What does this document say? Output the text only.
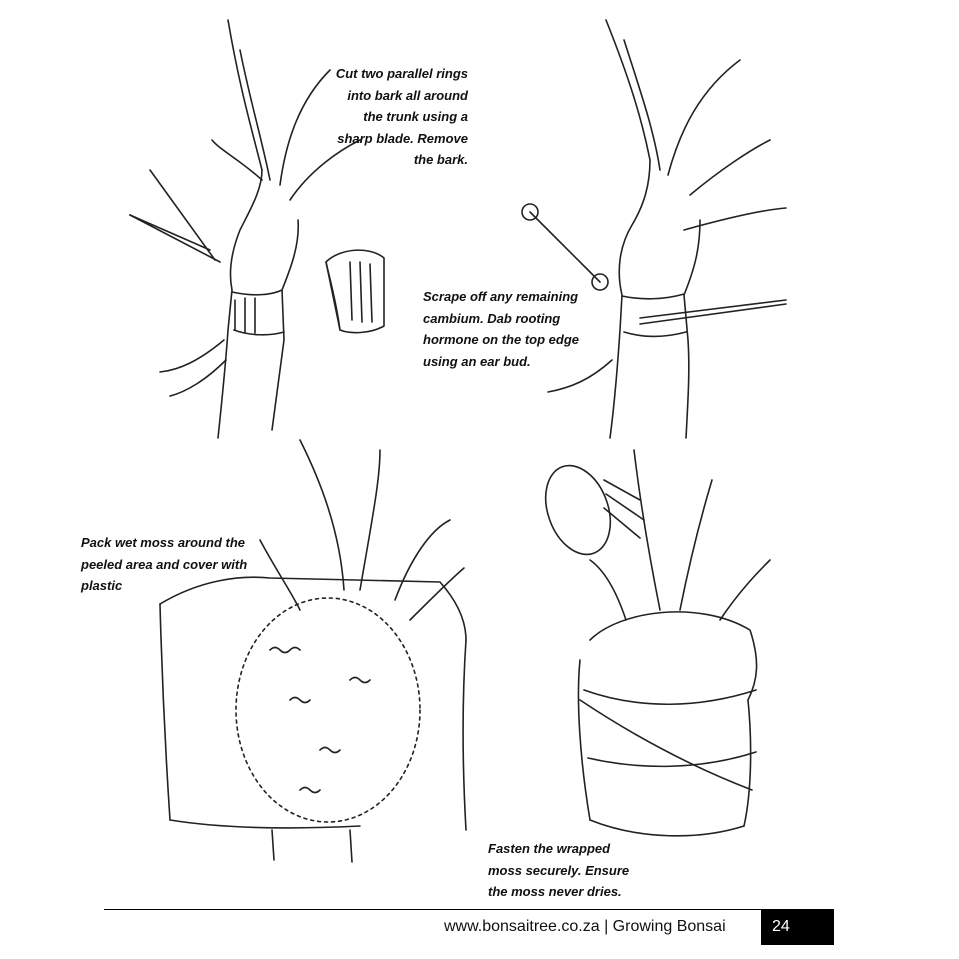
Cut two parallel rings
into bark all around
the trunk using a
sharp blade. Remove
the bark.
Scrape off any remaining
cambium. Dab rooting
hormone on the top edge
using an ear bud.
Pack wet moss around the
peeled area and cover with
plastic
Fasten the wrapped
moss securely. Ensure
the moss never dries.
www.bonsaitree.co.za | Growing Bonsai	24
